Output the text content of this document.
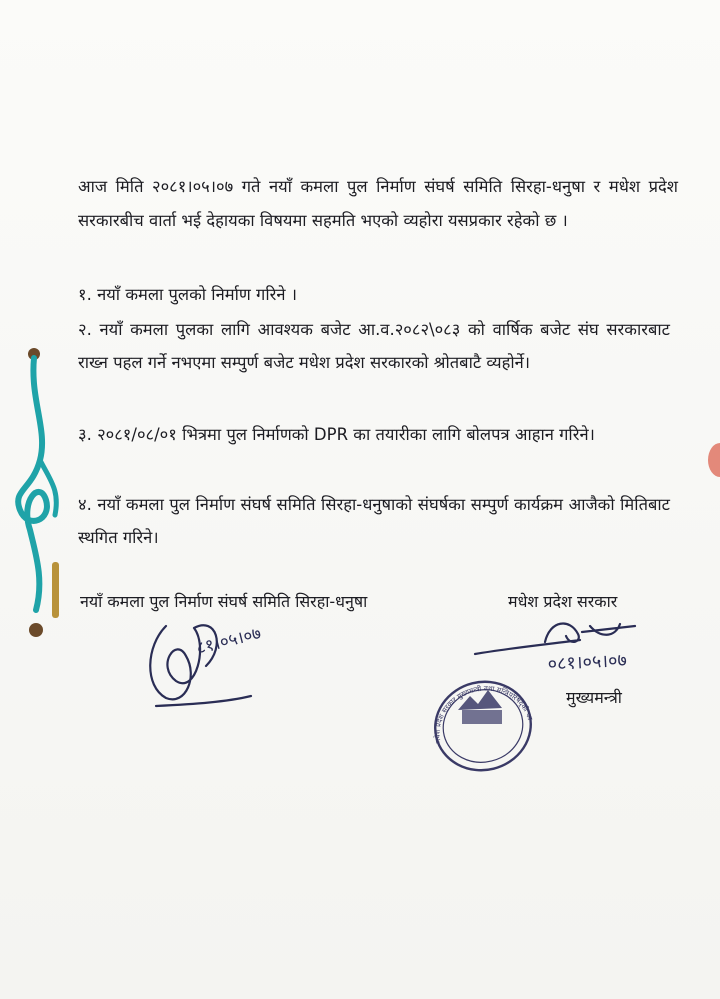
आज मिति २०८१।०५।०७ गते नयाँ कमला पुल निर्माण संघर्ष समिति सिरहा-धनुषा र मधेश प्रदेश सरकारबीच वार्ता भई देहायका विषयमा सहमति भएको व्यहोरा यसप्रकार रहेको छ ।

१. नयाँ कमला पुलको निर्माण गरिने ।

२. नयाँ कमला पुलका लागि आवश्यक बजेट आ.व.२०८२\०८३ को वार्षिक बजेट संघ सरकारबाट राख्न पहल गर्ने नभएमा सम्पुर्ण बजेट मधेश प्रदेश सरकारको श्रोतबाटै व्यहोर्ने।

३. २०८१/०८/०१ भित्रमा पुल निर्माणको DPR का तयारीका लागि बोलपत्र आहान गरिने।

४. नयाँ कमला पुल निर्माण संघर्ष समिति सिरहा-धनुषाको संघर्षका सम्पुर्ण कार्यक्रम आजैको मितिबाट स्थगित गरिने।

नयाँ कमला पुल निर्माण संघर्ष समिति सिरहा-धनुषा	मधेश प्रदेश सरकार

८१।०५।०७
०८१।०५।०७

मुख्यमन्त्री

मधेश प्रदेश सरकार मुख्यमन्त्री तथा मन्त्रिपरिषद्को कार्यालय
